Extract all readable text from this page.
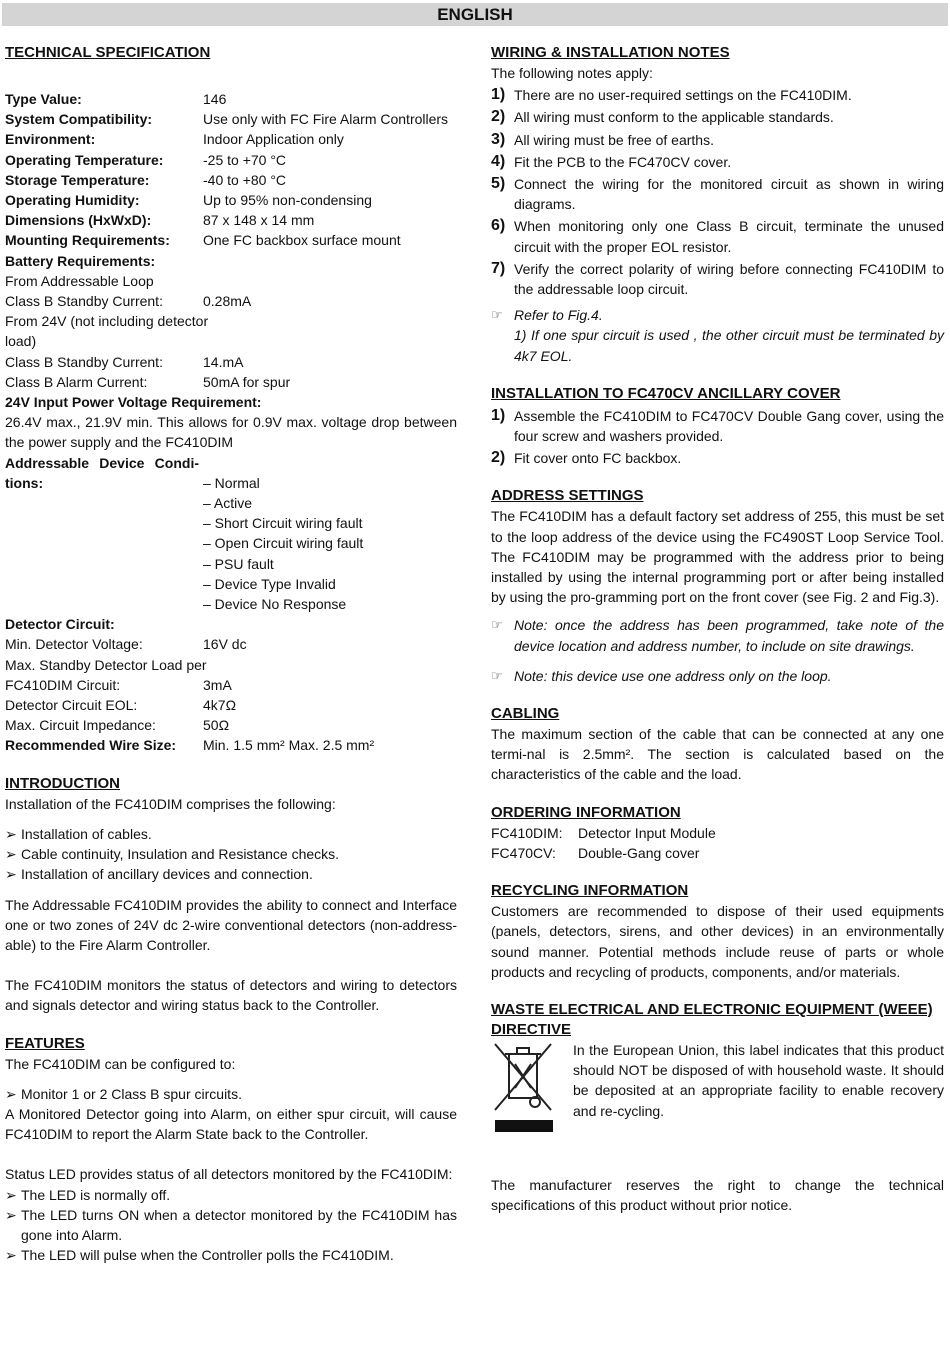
ENGLISH
TECHNICAL SPECIFICATION
Type Value:	146
System Compatibility:	Use only with FC Fire Alarm Controllers
Environment:	Indoor Application only
Operating Temperature:	-25 to +70 °C
Storage Temperature:	-40 to +80 °C
Operating Humidity:	Up to 95% non-condensing
Dimensions (HxWxD):	87 x 148 x 14 mm
Mounting Requirements:	One FC backbox surface mount
Battery Requirements:
From Addressable Loop
Class B Standby Current:	0.28mA
From 24V (not including detector
load)
Class B Standby Current:	14.mA
Class B Alarm Current:	50mA for spur
24V Input Power Voltage Requirement:
26.4V max., 21.9V min. This allows for 0.9V max. voltage drop between the power supply and the FC410DIM
Addressable Device Condi-
tions:	– Normal
– Active
– Short Circuit wiring fault
– Open Circuit wiring fault
– PSU fault
– Device Type Invalid
– Device No Response
Detector Circuit:
Min. Detector Voltage:	16V dc
Max. Standby Detector Load per
FC410DIM Circuit:	3mA
Detector Circuit EOL:	4k7Ω
Max. Circuit Impedance:	50Ω
Recommended Wire Size:	Min. 1.5 mm² Max. 2.5 mm²
INTRODUCTION
Installation of the FC410DIM comprises the following:
➢ Installation of cables.
➢ Cable continuity, Insulation and Resistance checks.
➢ Installation of ancillary devices and connection.
The Addressable FC410DIM provides the ability to connect and Interface one or two zones of 24V dc 2-wire conventional detectors (non-address-able) to the Fire Alarm Controller.
The FC410DIM monitors the status of detectors and wiring to detectors and signals detector and wiring status back to the Controller.
FEATURES
The FC410DIM can be configured to:
➢ Monitor 1 or 2 Class B spur circuits.
A Monitored Detector going into Alarm, on either spur circuit, will cause FC410DIM to report the Alarm State back to the Controller.
Status LED provides status of all detectors monitored by the FC410DIM:
➢ The LED is normally off.
➢ The LED turns ON when a detector monitored by the FC410DIM has gone into Alarm.
➢ The LED will pulse when the Controller polls the FC410DIM.
WIRING & INSTALLATION NOTES
The following notes apply:
1) There are no user-required settings on the FC410DIM.
2) All wiring must conform to the applicable standards.
3) All wiring must be free of earths.
4) Fit the PCB to the FC470CV cover.
5) Connect the wiring for the monitored circuit as shown in wiring diagrams.
6) When monitoring only one Class B circuit, terminate the unused circuit with the proper EOL resistor.
7) Verify the correct polarity of wiring before connecting FC410DIM to the addressable loop circuit.
☞ Refer to Fig.4.
1) If one spur circuit is used , the other circuit must be terminated by 4k7 EOL.
INSTALLATION TO FC470CV ANCILLARY COVER
1) Assemble the FC410DIM to FC470CV Double Gang cover, using the four screw and washers provided.
2) Fit cover onto FC backbox.
ADDRESS SETTINGS
The FC410DIM has a default factory set address of 255, this must be set to the loop address of the device using the FC490ST Loop Service Tool. The FC410DIM may be programmed with the address prior to being installed by using the internal programming port or after being installed by using the pro-gramming port on the front cover (see Fig. 2 and Fig.3).
☞ Note: once the address has been programmed, take note of the device location and address number, to include on site drawings.
☞ Note: this device use one address only on the loop.
CABLING
The maximum section of the cable that can be connected at any one termi-nal is 2.5mm². The section is calculated based on the characteristics of the cable and the load.
ORDERING INFORMATION
FC410DIM:	Detector Input Module
FC470CV:	Double-Gang cover
RECYCLING INFORMATION
Customers are recommended to dispose of their used equipments (panels, detectors, sirens, and other devices) in an environmentally sound manner. Potential methods include reuse of parts or whole products and recycling of products, components, and/or materials.
WASTE ELECTRICAL AND ELECTRONIC EQUIPMENT (WEEE)
DIRECTIVE
In the European Union, this label indicates that this product should NOT be disposed of with household waste. It should be deposited at an appropriate facility to enable recovery and re-cycling.
The manufacturer reserves the right to change the technical specifications of this product without prior notice.
